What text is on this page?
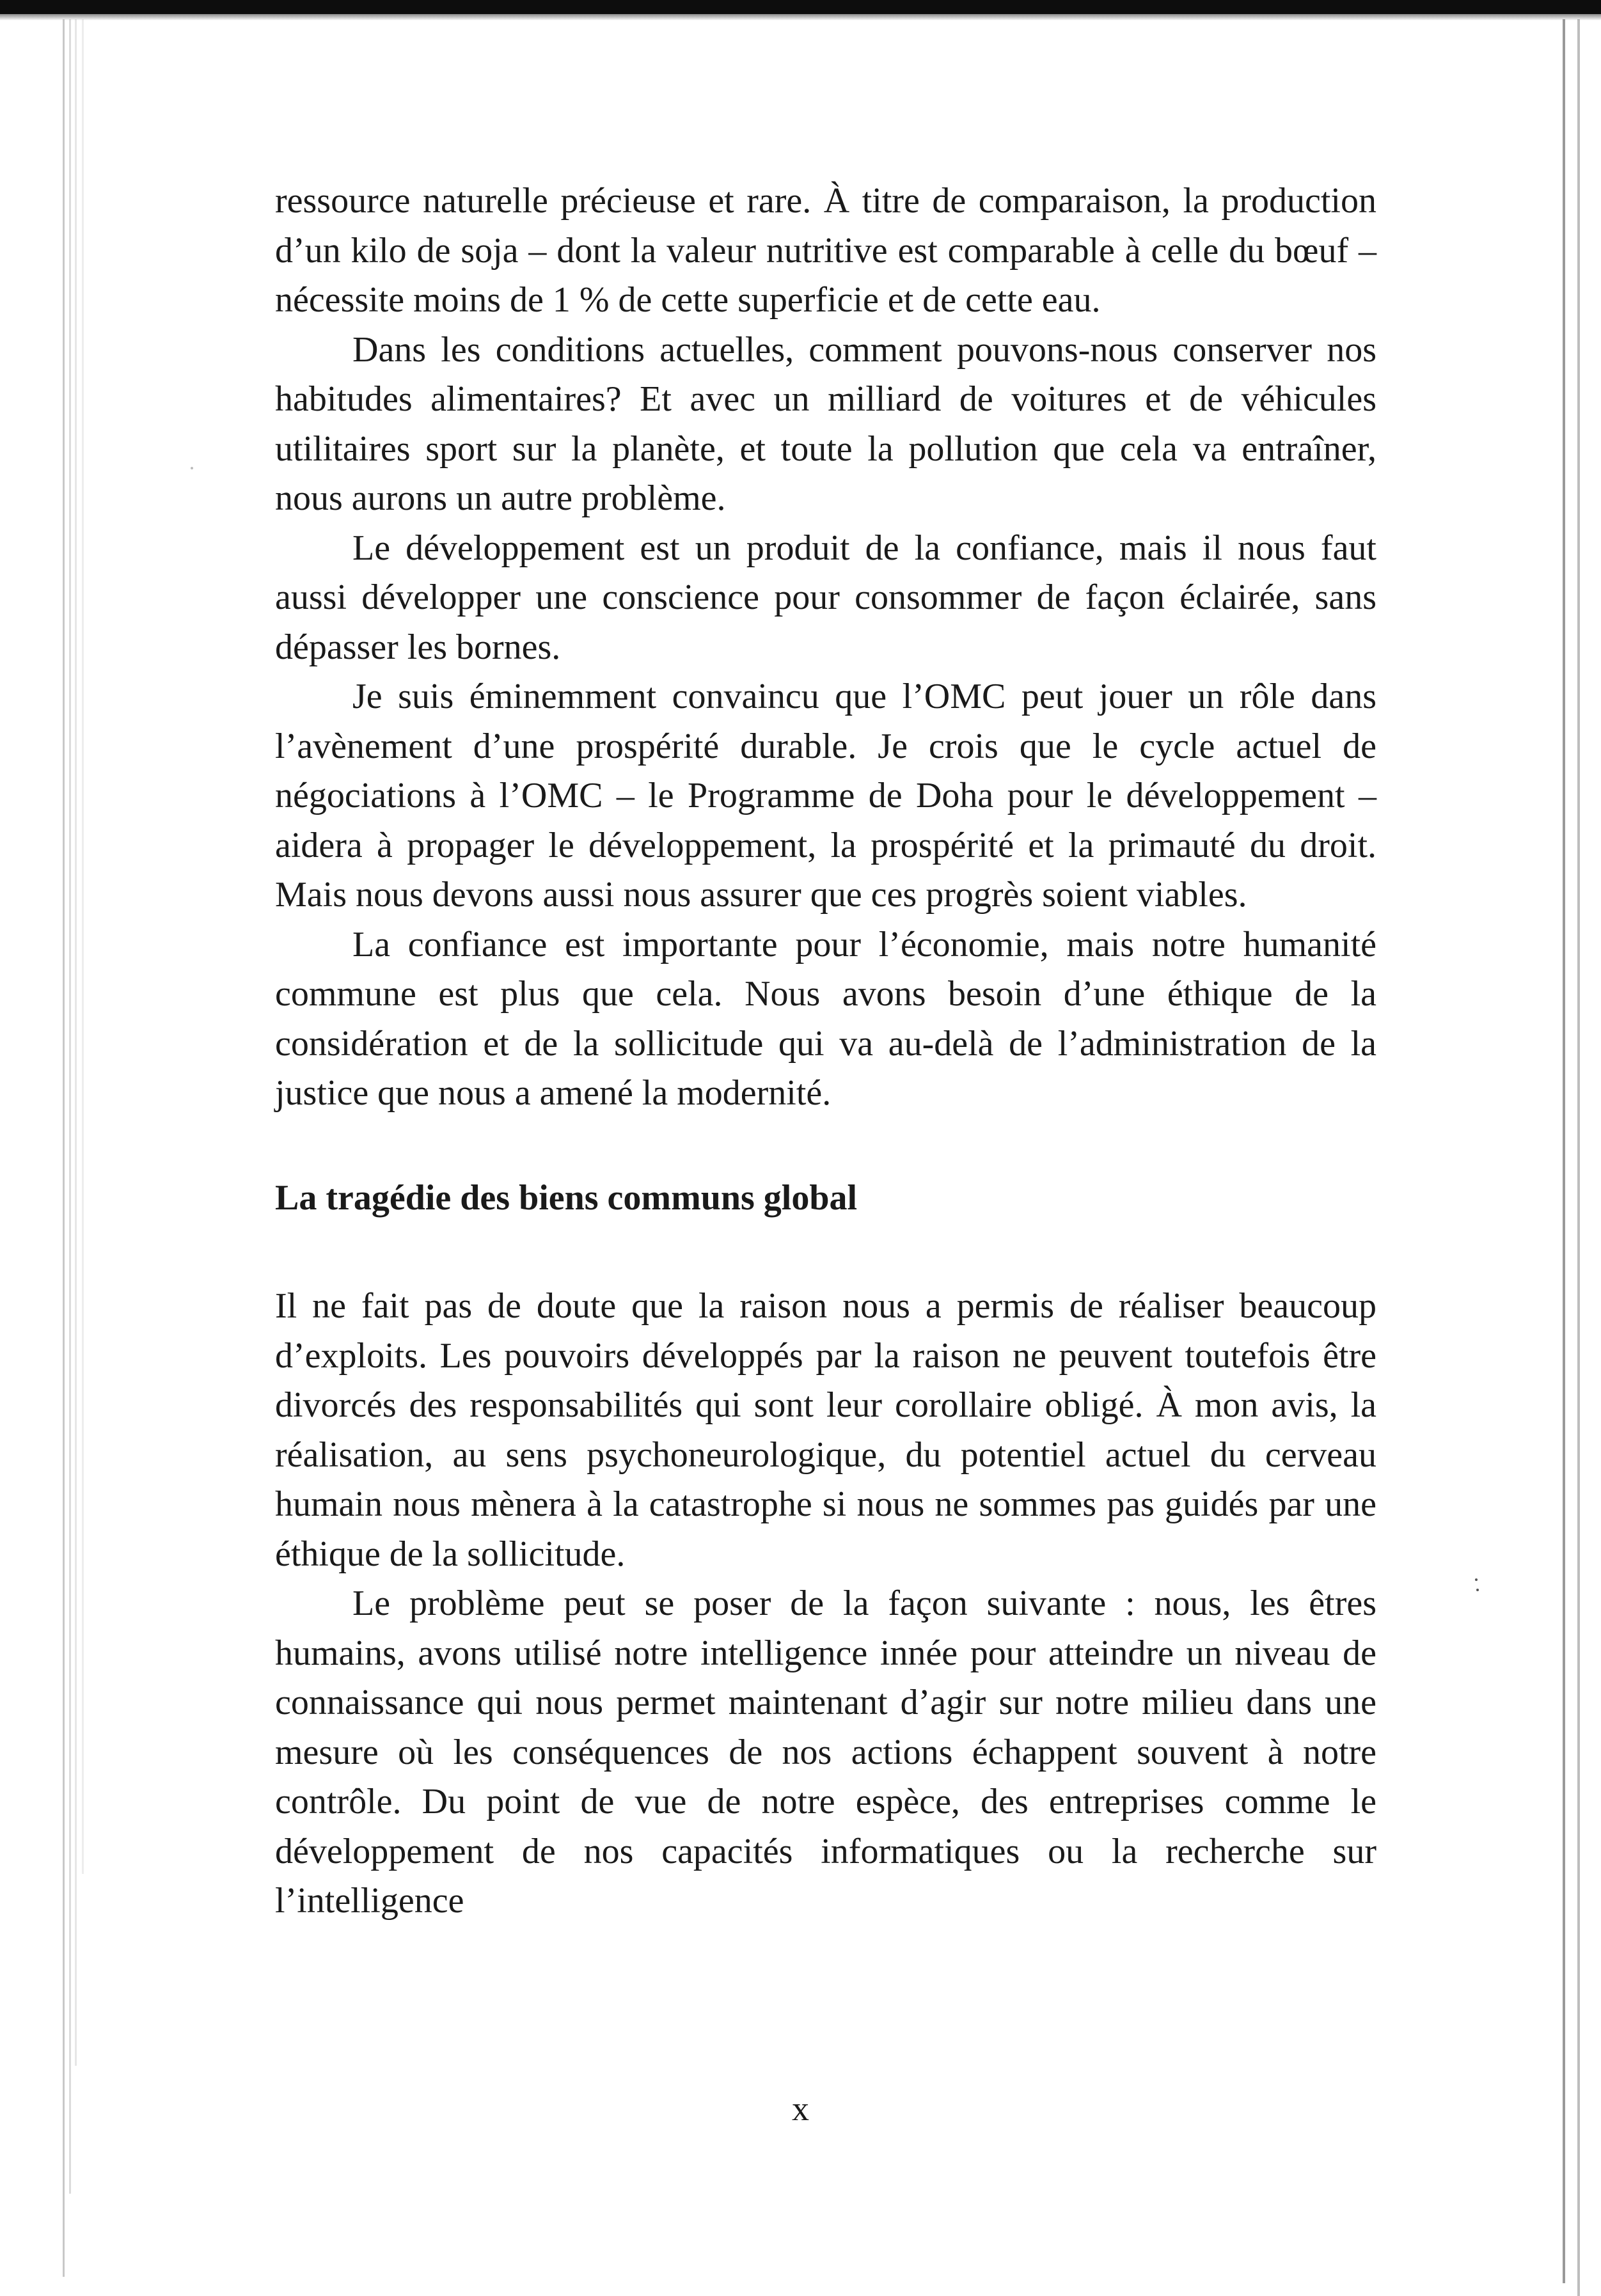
ressource naturelle précieuse et rare. À titre de comparaison, la production d’un kilo de soja – dont la valeur nutritive est comparable à celle du bœuf – nécessite moins de 1 % de cette superficie et de cette eau.

Dans les conditions actuelles, comment pouvons-nous conserver nos habitudes alimentaires? Et avec un milliard de voitures et de véhicules utilitaires sport sur la planète, et toute la pollution que cela va entraîner, nous aurons un autre problème.

Le développement est un produit de la confiance, mais il nous faut aussi développer une conscience pour consommer de façon éclairée, sans dépasser les bornes.

Je suis éminemment convaincu que l’OMC peut jouer un rôle dans l’avènement d’une prospérité durable. Je crois que le cycle actuel de négociations à l’OMC – le Programme de Doha pour le développement – aidera à propager le développement, la prospérité et la primauté du droit. Mais nous devons aussi nous assurer que ces progrès soient viables.

La confiance est importante pour l’économie, mais notre humanité commune est plus que cela. Nous avons besoin d’une éthique de la considération et de la sollicitude qui va au-delà de l’administration de la justice que nous a amené la modernité.

La tragédie des biens communs global

Il ne fait pas de doute que la raison nous a permis de réaliser beaucoup d’exploits. Les pouvoirs développés par la raison ne peuvent toutefois être divorcés des responsabilités qui sont leur corollaire obligé. À mon avis, la réalisation, au sens psychoneurologique, du potentiel actuel du cerveau humain nous mènera à la catastrophe si nous ne sommes pas guidés par une éthique de la sollicitude.

Le problème peut se poser de la façon suivante : nous, les êtres humains, avons utilisé notre intelligence innée pour atteindre un niveau de connaissance qui nous permet maintenant d’agir sur notre milieu dans une mesure où les conséquences de nos actions échappent souvent à notre contrôle. Du point de vue de notre espèce, des entreprises comme le développement de nos capacités informatiques ou la recherche sur l’intelligence

x
